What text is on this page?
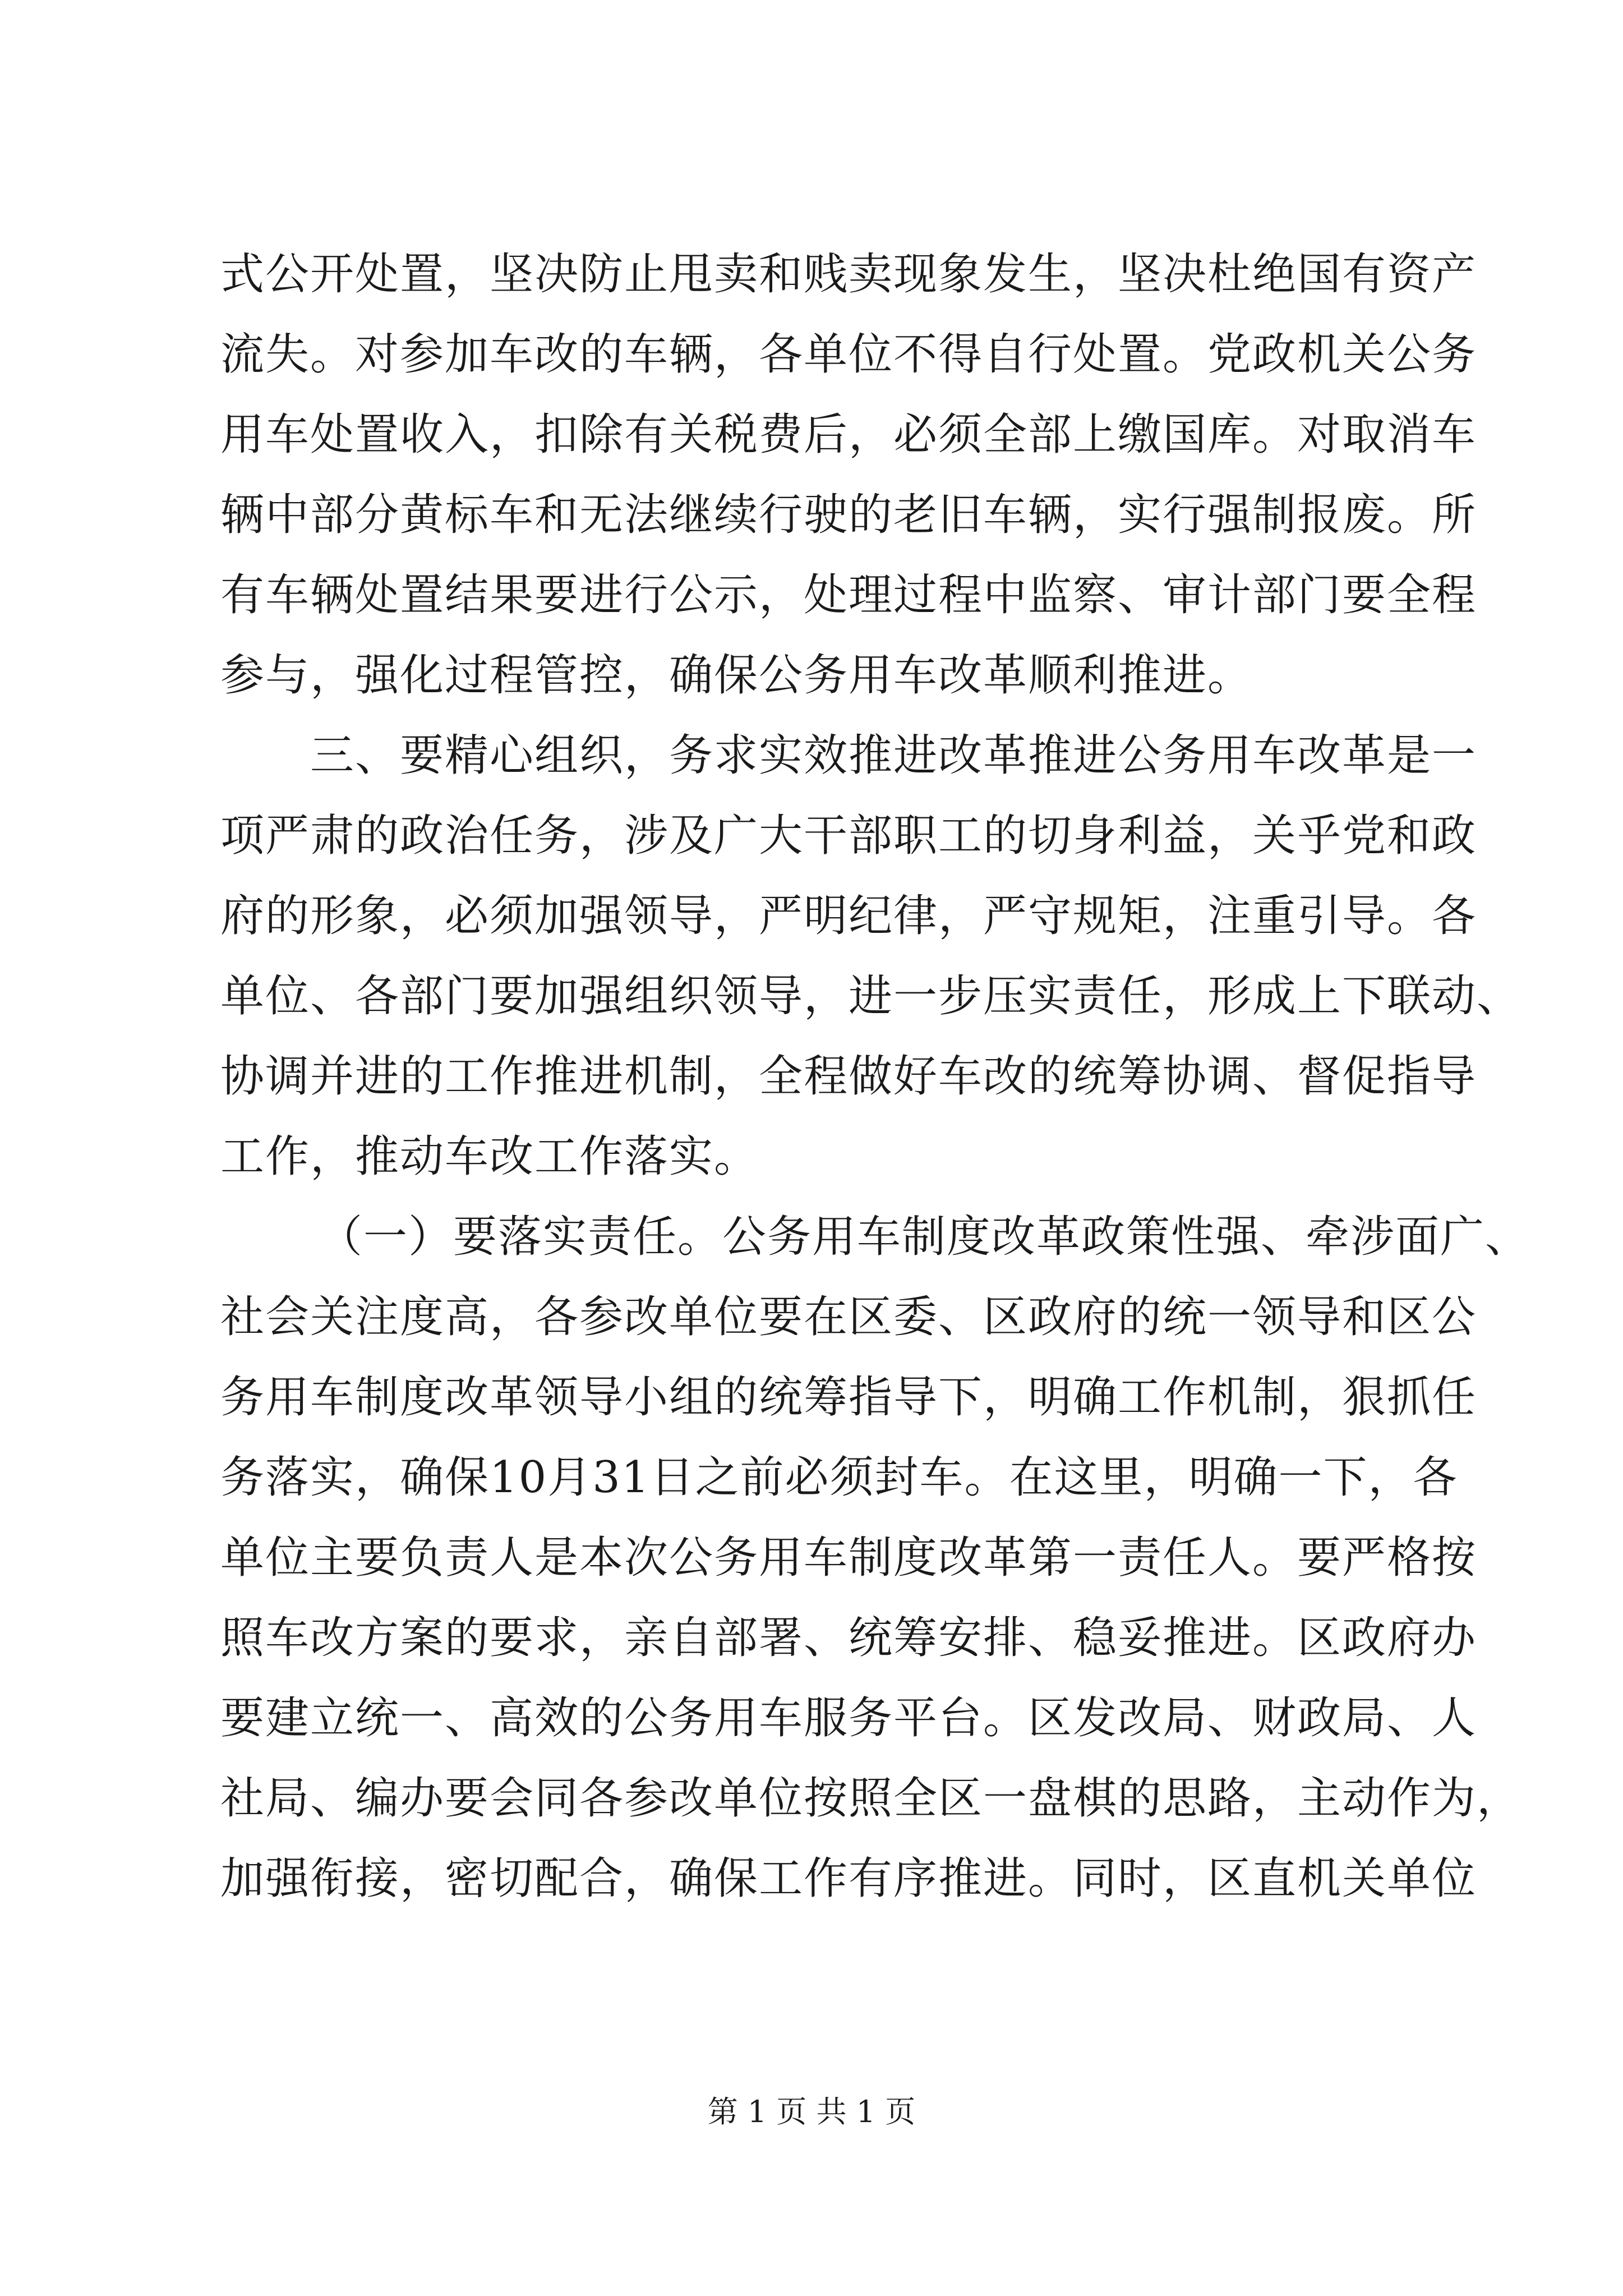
式公开处置，坚决防止甩卖和贱卖现象发生，坚决杜绝国有资产
流失。对参加车改的车辆，各单位不得自行处置。党政机关公务
用车处置收入，扣除有关税费后，必须全部上缴国库。对取消车
辆中部分黄标车和无法继续行驶的老旧车辆，实行强制报废。所
有车辆处置结果要进行公示，处理过程中监察、审计部门要全程
参与，强化过程管控，确保公务用车改革顺利推进。
三、要精心组织，务求实效推进改革推进公务用车改革是一
项严肃的政治任务，涉及广大干部职工的切身利益，关乎党和政
府的形象，必须加强领导，严明纪律，严守规矩，注重引导。各
单位、各部门要加强组织领导，进一步压实责任，形成上下联动、
协调并进的工作推进机制，全程做好车改的统筹协调、督促指导
工作，推动车改工作落实。
（一）要落实责任。公务用车制度改革政策性强、牵涉面广、
社会关注度高，各参改单位要在区委、区政府的统一领导和区公
务用车制度改革领导小组的统筹指导下，明确工作机制，狠抓任
务落实，确保10月31日之前必须封车。在这里，明确一下，各
单位主要负责人是本次公务用车制度改革第一责任人。要严格按
照车改方案的要求，亲自部署、统筹安排、稳妥推进。区政府办
要建立统一、高效的公务用车服务平台。区发改局、财政局、人
社局、编办要会同各参改单位按照全区一盘棋的思路，主动作为，
加强衔接，密切配合，确保工作有序推进。同时，区直机关单位
第 1 页 共 1 页
